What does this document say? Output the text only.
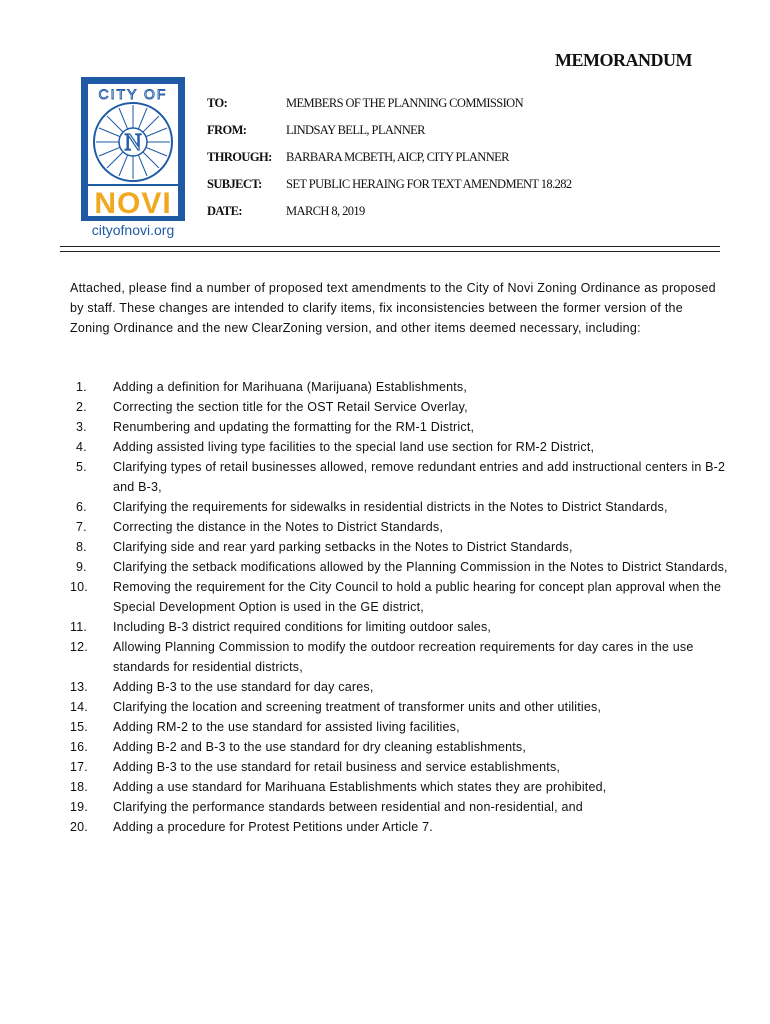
MEMORANDUM
CITY OF
N
NOVI
cityofnovi.org
TO:	MEMBERS OF THE PLANNING COMMISSION
FROM:	LINDSAY BELL, PLANNER
THROUGH: BARBARA MCBETH, AICP, CITY PLANNER
SUBJECT: SET PUBLIC HERAING FOR TEXT AMENDMENT 18.282
DATE:	MARCH 8, 2019

Attached, please find a number of proposed text amendments to the City of Novi Zoning Ordinance as proposed by staff. These changes are intended to clarify items, fix inconsistencies between the former version of the Zoning Ordinance and the new ClearZoning version, and other items deemed necessary, including:

1. Adding a definition for Marihuana (Marijuana) Establishments,
2. Correcting the section title for the OST Retail Service Overlay,
3. Renumbering and updating the formatting for the RM-1 District,
4. Adding assisted living type facilities to the special land use section for RM-2 District,
5. Clarifying types of retail businesses allowed, remove redundant entries and add instructional centers in B-2 and B-3,
6. Clarifying the requirements for sidewalks in residential districts in the Notes to District Standards,
7. Correcting the distance in the Notes to District Standards,
8. Clarifying side and rear yard parking setbacks in the Notes to District Standards,
9. Clarifying the setback modifications allowed by the Planning Commission in the Notes to District Standards,
10. Removing the requirement for the City Council to hold a public hearing for concept plan approval when the Special Development Option is used in the GE district,
11. Including B-3 district required conditions for limiting outdoor sales,
12. Allowing Planning Commission to modify the outdoor recreation requirements for day cares in the use standards for residential districts,
13. Adding B-3 to the use standard for day cares,
14. Clarifying the location and screening treatment of transformer units and other utilities,
15. Adding RM-2 to the use standard for assisted living facilities,
16. Adding B-2 and B-3 to the use standard for dry cleaning establishments,
17. Adding B-3 to the use standard for retail business and service establishments,
18. Adding a use standard for Marihuana Establishments which states they are prohibited,
19. Clarifying the performance standards between residential and non-residential, and
20. Adding a procedure for Protest Petitions under Article 7.
